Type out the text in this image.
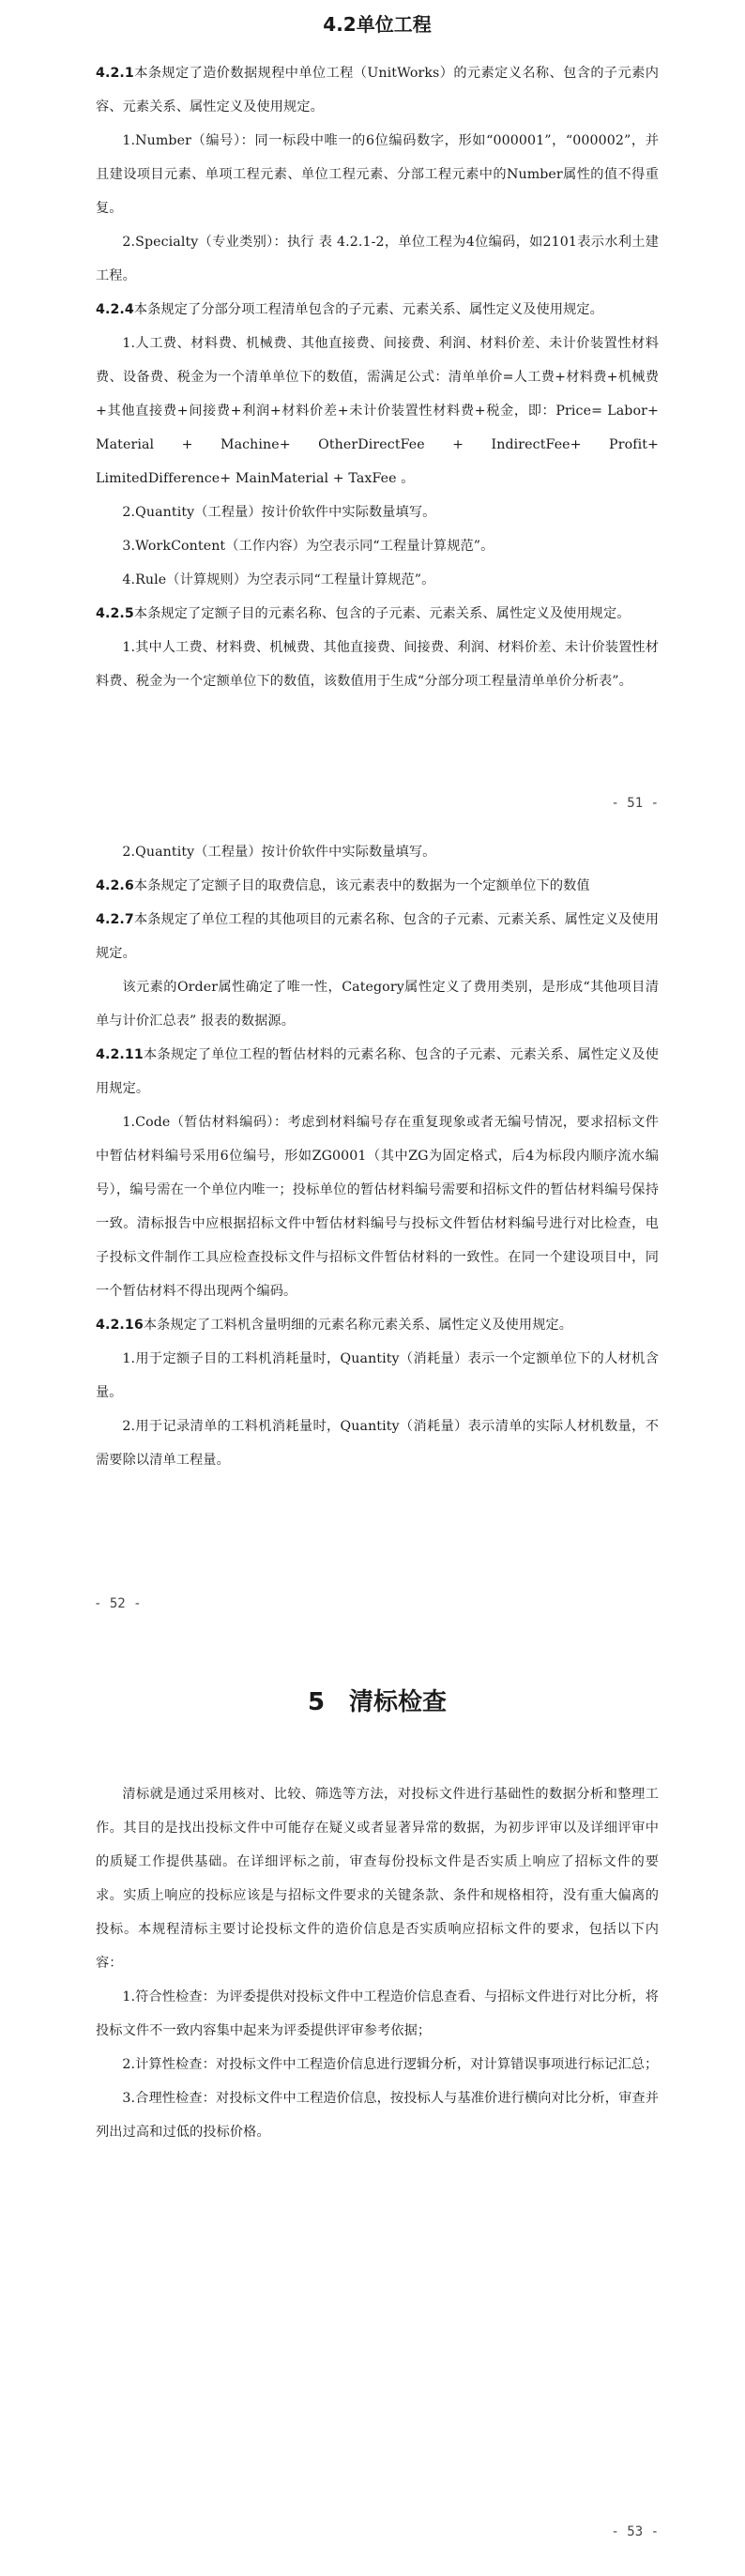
4.2单位工程

4.2.1本条规定了造价数据规程中单位工程（UnitWorks）的元素定义名称、包含的子元素内容、元素关系、属性定义及使用规定。

1.Number（编号）：同一标段中唯一的6位编码数字，形如“000001”，“000002”，并且建设项目元素、单项工程元素、单位工程元素、分部工程元素中的Number属性的值不得重复。

2.Specialty（专业类别）：执行 表 4.2.1-2，单位工程为4位编码，如2101表示水利土建工程。

4.2.4本条规定了分部分项工程清单包含的子元素、元素关系、属性定义及使用规定。

1.人工费、材料费、机械费、其他直接费、间接费、利润、材料价差、未计价装置性材料费、设备费、税金为一个清单单位下的数值，需满足公式：清单单价=人工费+材料费+机械费+其他直接费+间接费+利润+材料价差+未计价装置性材料费+税金，即：Price= Labor+ Material + Machine+ OtherDirectFee + IndirectFee+ Profit+ LimitedDifference+ MainMaterial + TaxFee 。

2.Quantity（工程量）按计价软件中实际数量填写。

3.WorkContent（工作内容）为空表示同“工程量计算规范”。

4.Rule（计算规则）为空表示同“工程量计算规范”。

4.2.5本条规定了定额子目的元素名称、包含的子元素、元素关系、属性定义及使用规定。

1.其中人工费、材料费、机械费、其他直接费、间接费、利润、材料价差、未计价装置性材料费、税金为一个定额单位下的数值，该数值用于生成“分部分项工程量清单单价分析表”。

- 51 -

2.Quantity（工程量）按计价软件中实际数量填写。

4.2.6本条规定了定额子目的取费信息，该元素表中的数据为一个定额单位下的数值

4.2.7本条规定了单位工程的其他项目的元素名称、包含的子元素、元素关系、属性定义及使用规定。

该元素的Order属性确定了唯一性，Category属性定义了费用类别，是形成“其他项目清单与计价汇总表” 报表的数据源。

4.2.11本条规定了单位工程的暂估材料的元素名称、包含的子元素、元素关系、属性定义及使用规定。

1.Code（暂估材料编码）：考虑到材料编号存在重复现象或者无编号情况，要求招标文件中暂估材料编号采用6位编号，形如ZG0001（其中ZG为固定格式，后4为标段内顺序流水编号），编号需在一个单位内唯一；投标单位的暂估材料编号需要和招标文件的暂估材料编号保持一致。清标报告中应根据招标文件中暂估材料编号与投标文件暂估材料编号进行对比检查，电子投标文件制作工具应检查投标文件与招标文件暂估材料的一致性。在同一个建设项目中，同一个暂估材料不得出现两个编码。

4.2.16本条规定了工料机含量明细的元素名称元素关系、属性定义及使用规定。

1.用于定额子目的工料机消耗量时，Quantity（消耗量）表示一个定额单位下的人材机含量。

2.用于记录清单的工料机消耗量时，Quantity（消耗量）表示清单的实际人材机数量，不需要除以清单工程量。

- 52 -
5 清标检查

清标就是通过采用核对、比较、筛选等方法，对投标文件进行基础性的数据分析和整理工作。其目的是找出投标文件中可能存在疑义或者显著异常的数据，为初步评审以及详细评审中的质疑工作提供基础。在详细评标之前，审查每份投标文件是否实质上响应了招标文件的要求。实质上响应的投标应该是与招标文件要求的关键条款、条件和规格相符，没有重大偏离的投标。本规程清标主要讨论投标文件的造价信息是否实质响应招标文件的要求，包括以下内容：

1.符合性检查：为评委提供对投标文件中工程造价信息查看、与招标文件进行对比分析，将投标文件不一致内容集中起来为评委提供评审参考依据；

2.计算性检查：对投标文件中工程造价信息进行逻辑分析，对计算错误事项进行标记汇总；

3.合理性检查：对投标文件中工程造价信息，按投标人与基准价进行横向对比分析，审查并列出过高和过低的投标价格。

- 53 -
